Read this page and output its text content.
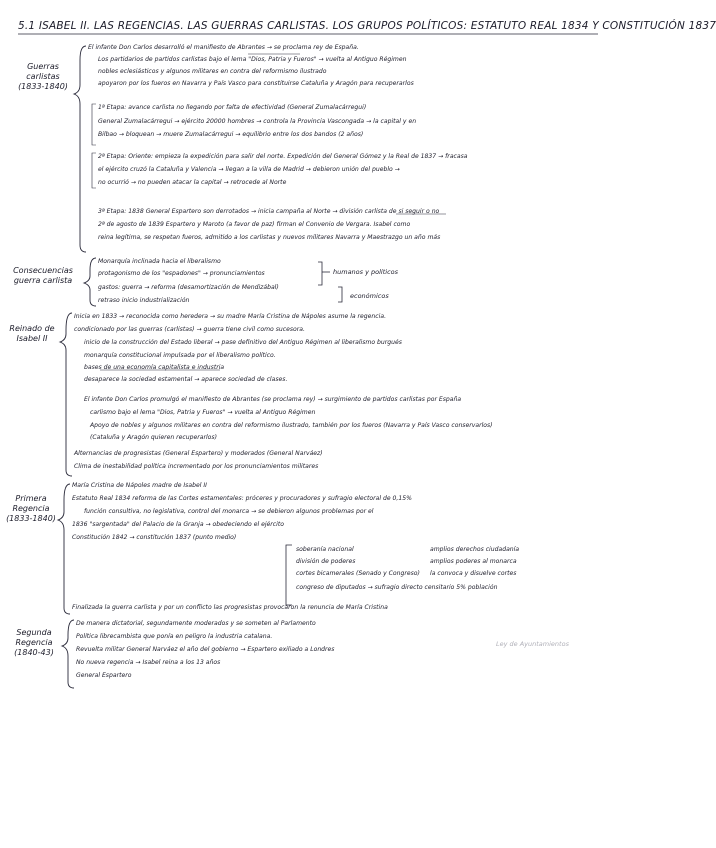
5.1 ISABEL II. LAS REGENCIAS. LAS GUERRAS CARLISTAS. LOS GRUPOS POLÍTICOS: ESTATUTO REAL 1834 Y CONSTITUCIÓN 1837
Guerras carlistas (1833-1840)
El infante Don Carlos desarrolló el manifiesto de Abrantes → se proclama rey de España.
Los partidarios de partidos carlistas bajo el lema "Dios, Patria y Fueros" → vuelta al Antiguo Régimen
nobles eclesiásticos y algunos militares en contra del reformismo ilustrado
apoyaron por los fueros en Navarra y País Vasco para constituirse Cataluña y Aragón para recuperarlos
1ª Etapa: avance carlista no llegando por falta de efectividad (General Zumalacárregui)
General Zumalacárregui → ejército 20000 hombres → controla la Provincia Vascongada → la capital y en
Bilbao → bloquean → muere Zumalacárregui → equilibrio entre los dos bandos (2 años)
2ª Etapa: Oriente: empieza la expedición para salir del norte. Expedición del General Gómez y la Real de 1837 → fracasa
el ejército cruzó la Cataluña y Valencia → llegan a la villa de Madrid → debieron unión del pueblo →
no ocurrió → no pueden atacar la capital → retrocede al Norte
3ª Etapa: 1838 General Espartero son derrotados → inicia campaña al Norte → división carlista de si seguir o no
2ª de agosto de 1839 Espartero y Maroto (a favor de paz) firman el Convenio de Vergara. Isabel como
reina legítima, se respetan fueros, admitido a los carlistas y nuevos militares Navarra y Maestrazgo un año más
Consecuencias guerra carlista
Monarquía inclinada hacia el liberalismo
protagonismo de los "espadones" → pronunciamientos
gastos: guerra → reforma (desamortización de Mendizábal)
retraso inicio industrialización
humanos y políticos
económicos
Reinado de Isabel II
Inicia en 1833 → reconocida como heredera → su madre María Cristina de Nápoles asume la regencia.
condicionado por las guerras (carlistas) → guerra tiene civil como sucesora.
inicio de la construcción del Estado liberal → pase definitivo del Antiguo Régimen al liberalismo burgués
monarquía constitucional impulsada por el liberalismo político.
bases de una economía capitalista e industria
desaparece la sociedad estamental → aparece sociedad de clases.
El infante Don Carlos promulgó el manifiesto de Abrantes (se proclama rey) → surgimiento de partidos carlistas por España
carlismo bajo el lema "Dios, Patria y Fueros" → vuelta al Antiguo Régimen
Apoyo de nobles y algunos militares en contra del reformismo ilustrado, también por los fueros (Navarra y País Vasco conservarlos)
(Cataluña y Aragón quieren recuperarlos)
Alternancias de progresistas (General Espartero) y moderados (General Narváez)
Clima de inestabilidad política incrementado por los pronunciamientos militares
Primera Regencia (1833-1840)
María Cristina de Nápoles madre de Isabel II
Estatuto Real 1834 reforma de las Cortes estamentales: próceres y procuradores y sufragio electoral de 0,15%
función consultiva, no legislativa, control del monarca → se debieron algunos problemas por el
1836 "sargentada" del Palacio de la Granja → obedeciendo el ejército
Constitución 1842 → constitución 1837 (punto medio)
soberanía nacional
división de poderes
cortes bicamerales (Senado y Congreso)
congreso de diputados → sufragio directo censitario 5% población
amplios derechos ciudadanía
amplios poderes al monarca
la convoca y disuelve cortes
Finalizada la guerra carlista y por un conflicto las progresistas provocaron la renuncia de María Cristina
Segunda Regencia (1840-43)
De manera dictatorial, segundamente moderados y se someten al Parlamento
Política librecambista que ponía en peligro la industria catalana.
Revuelta militar General Narváez el año del gobierno → Espartero exiliado a Londres
No nueva regencia → Isabel reina a los 13 años
General Espartero
Ley de Ayuntamientos
